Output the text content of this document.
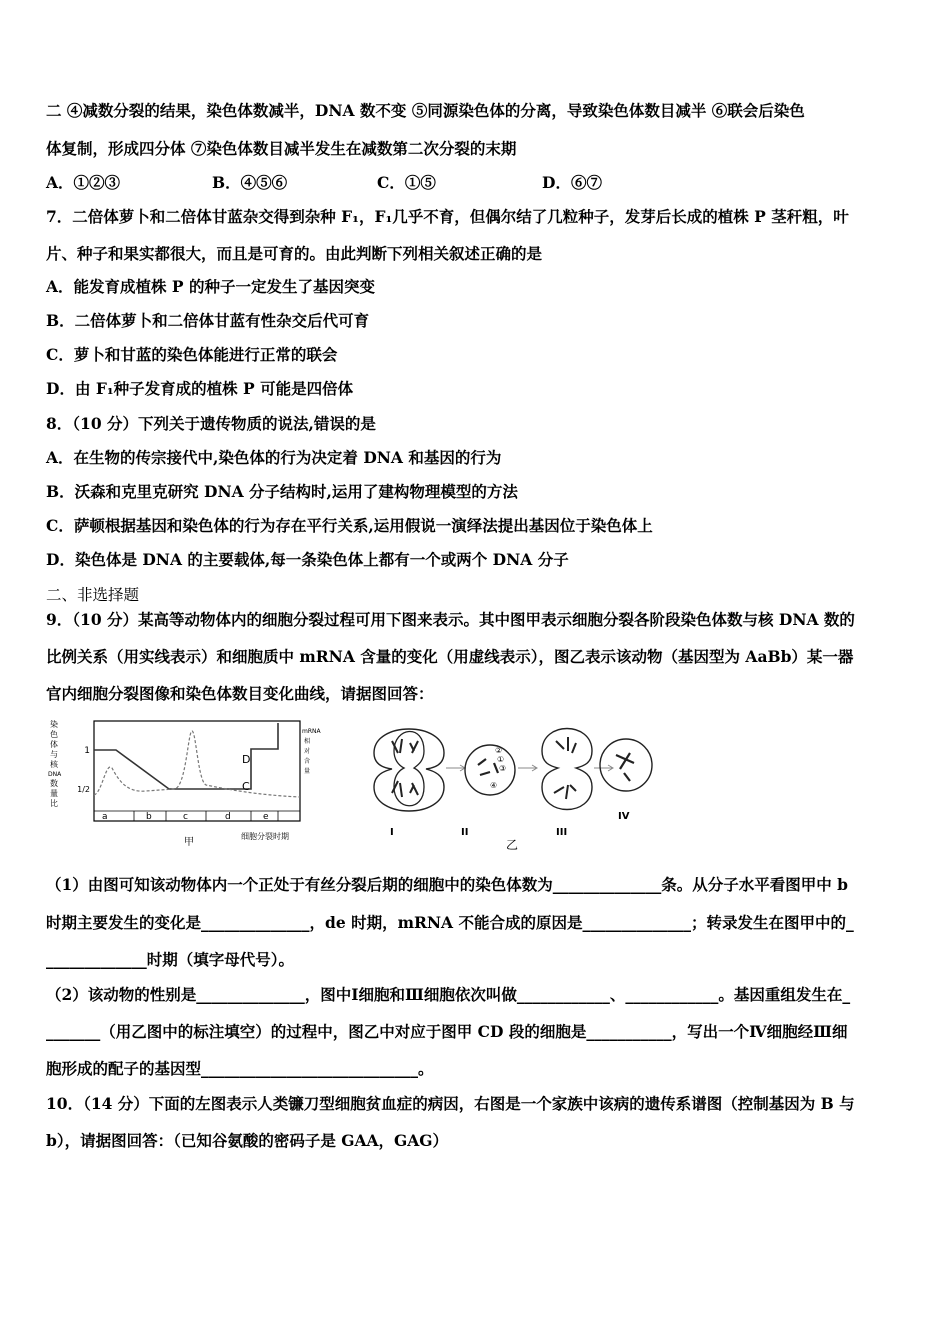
二 ④减数分裂的结果，染色体数减半，DNA 数不变 ⑤同源染色体的分离，导致染色体数目减半 ⑥联会后染色
体复制，形成四分体 ⑦染色体数目减半发生在减数第二次分裂的末期
A．①②③	B．④⑤⑥	C．①⑤	D．⑥⑦
7．二倍体萝卜和二倍体甘蓝杂交得到杂种 F₁，F₁几乎不育，但偶尔结了几粒种子，发芽后长成的植株 P 茎秆粗，叶
片、种子和果实都很大，而且是可育的。由此判断下列相关叙述正确的是
A．能发育成植株 P 的种子一定发生了基因突变
B．二倍体萝卜和二倍体甘蓝有性杂交后代可育
C．萝卜和甘蓝的染色体能进行正常的联会
D．由 F₁种子发育成的植株 P 可能是四倍体
8．（10 分）下列关于遗传物质的说法,错误的是
A．在生物的传宗接代中,染色体的行为决定着 DNA 和基因的行为
B．沃森和克里克研究 DNA 分子结构时,运用了建构物理模型的方法
C．萨顿根据基因和染色体的行为存在平行关系,运用假说一演绎法提出基因位于染色体上
D．染色体是 DNA 的主要载体,每一条染色体上都有一个或两个 DNA 分子
二、非选择题
9．（10 分）某高等动物体内的细胞分裂过程可用下图来表示。其中图甲表示细胞分裂各阶段染色体数与核 DNA 数的
比例关系（用实线表示）和细胞质中 mRNA 含量的变化（用虚线表示），图乙表示该动物（基因型为 AaBb）某一器
官内细胞分裂图像和染色体数目变化曲线，请据图回答：
染色体与核 DNA 数量比
1
1/2
D
C
mRNA 相对含量
a	b	c	d	e
细胞分裂时期
甲
I
①
②
③
④
II	III
IV
乙
（1）由图可知该动物体内一个正处于有丝分裂后期的细胞中的染色体数为______________条。从分子水平看图甲中 b
时期主要发生的变化是______________，de 时期，mRNA 不能合成的原因是______________；转录发生在图甲中的_
_____________时期（填字母代号）。
（2）该动物的性别是______________，图中Ⅰ细胞和Ⅲ细胞依次叫做____________、____________。基因重组发生在_
_______（用乙图中的标注填空）的过程中，图乙中对应于图甲 CD 段的细胞是___________，写出一个Ⅳ细胞经Ⅲ细
胞形成的配子的基因型____________________________。
10．（14 分）下面的左图表示人类镰刀型细胞贫血症的病因，右图是一个家族中该病的遗传系谱图（控制基因为 B 与
b），请据图回答：（已知谷氨酸的密码子是 GAA，GAG）
